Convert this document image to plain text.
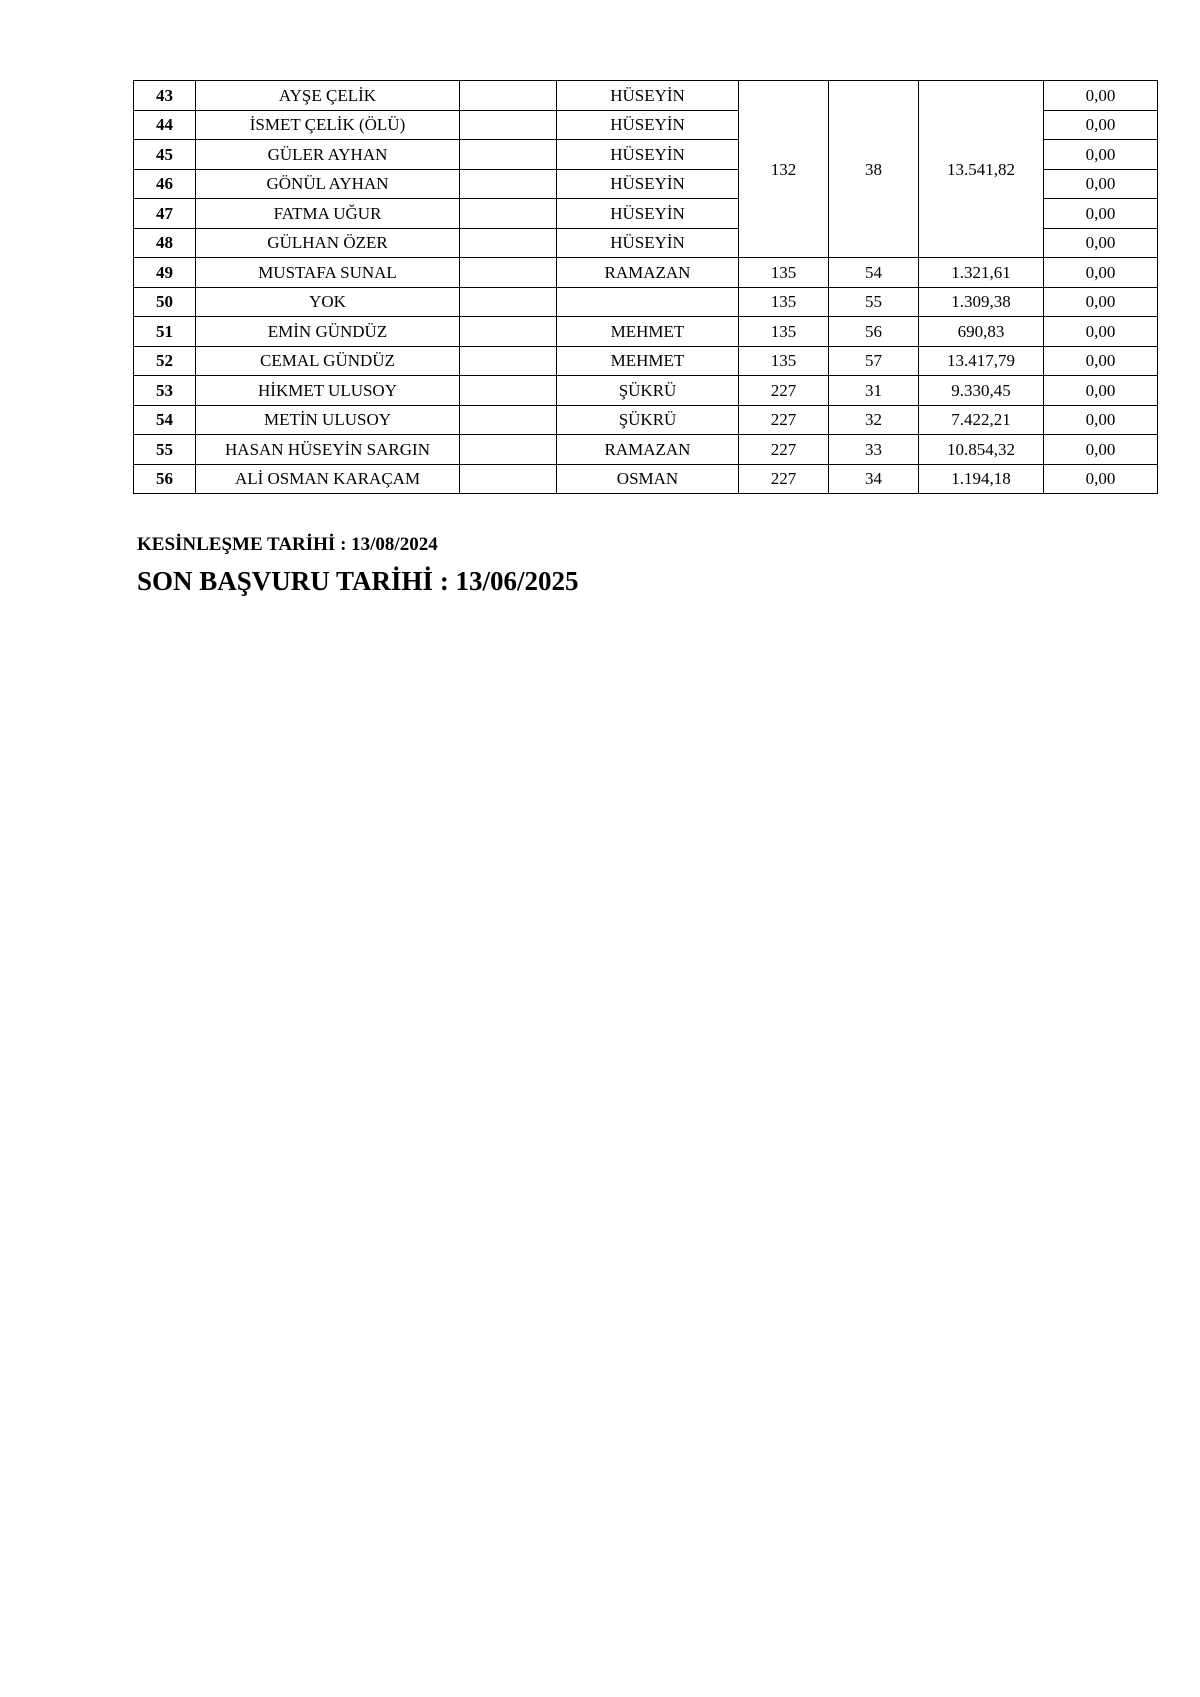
43	AYŞE ÇELİK		HÜSEYİN	132	38	13.541,82	0,00
44	İSMET ÇELİK (ÖLÜ)		HÜSEYİN				0,00
45	GÜLER AYHAN		HÜSEYİN				0,00
46	GÖNÜL AYHAN		HÜSEYİN				0,00
47	FATMA UĞUR		HÜSEYİN				0,00
48	GÜLHAN ÖZER		HÜSEYİN				0,00
49	MUSTAFA SUNAL		RAMAZAN	135	54	1.321,61	0,00
50	YOK			135	55	1.309,38	0,00
51	EMİN GÜNDÜZ		MEHMET	135	56	690,83	0,00
52	CEMAL GÜNDÜZ		MEHMET	135	57	13.417,79	0,00
53	HİKMET ULUSOY		ŞÜKRÜ	227	31	9.330,45	0,00
54	METİN ULUSOY		ŞÜKRÜ	227	32	7.422,21	0,00
55	HASAN HÜSEYİN SARGIN		RAMAZAN	227	33	10.854,32	0,00
56	ALİ OSMAN KARAÇAM		OSMAN	227	34	1.194,18	0,00
KESİNLEŞME TARİHİ : 13/08/2024
SON BAŞVURU TARİHİ : 13/06/2025
